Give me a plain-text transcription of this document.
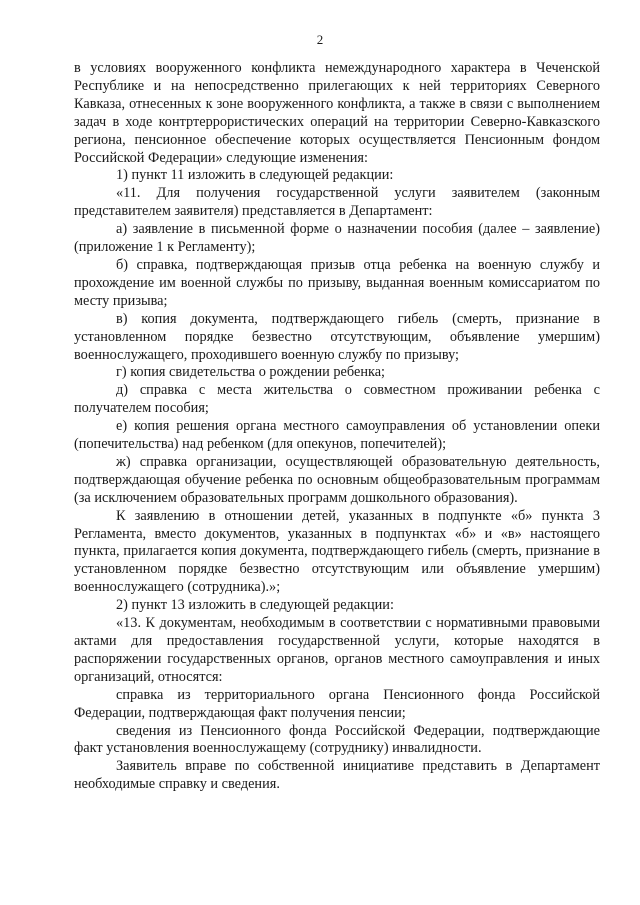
2

в условиях вооруженного конфликта немеждународного характера в Чеченской Республике и на непосредственно прилегающих к ней территориях Северного Кавказа, отнесенных к зоне вооруженного конфликта, а также в связи с выполнением задач в ходе контртеррористических операций на территории Северно-Кавказского региона, пенсионное обеспечение которых осуществляется Пенсионным фондом Российской Федерации» следующие изменения:

1) пункт 11 изложить в следующей редакции:

«11. Для получения государственной услуги заявителем (законным представителем заявителя) представляется в Департамент:

а) заявление в письменной форме о назначении пособия (далее – заявление) (приложение 1 к Регламенту);

б) справка, подтверждающая призыв отца ребенка на военную службу и прохождение им военной службы по призыву, выданная военным комиссариатом по месту призыва;

в) копия документа, подтверждающего гибель (смерть, признание в установленном порядке безвестно отсутствующим, объявление умершим) военнослужащего, проходившего военную службу по призыву;

г) копия свидетельства о рождении ребенка;

д) справка с места жительства о совместном проживании ребенка с получателем пособия;

е) копия решения органа местного самоуправления об установлении опеки (попечительства) над ребенком (для опекунов, попечителей);

ж) справка организации, осуществляющей образовательную деятельность, подтверждающая обучение ребенка по основным общеобразовательным программам (за исключением образовательных программ дошкольного образования).

К заявлению в отношении детей, указанных в подпункте «б» пункта 3 Регламента, вместо документов, указанных в подпунктах «б» и «в» настоящего пункта, прилагается копия документа, подтверждающего гибель (смерть, признание в установленном порядке безвестно отсутствующим или объявление умершим) военнослужащего (сотрудника).»;

2) пункт 13 изложить в следующей редакции:

«13. К документам, необходимым в соответствии с нормативными правовыми актами для предоставления государственной услуги, которые находятся в распоряжении государственных органов, органов местного самоуправления и иных организаций, относятся:

справка из территориального органа Пенсионного фонда Российской Федерации, подтверждающая факт получения пенсии;

сведения из Пенсионного фонда Российской Федерации, подтверждающие факт установления военнослужащему (сотруднику) инвалидности.

Заявитель вправе по собственной инициативе представить в Департамент необходимые справку и сведения.
